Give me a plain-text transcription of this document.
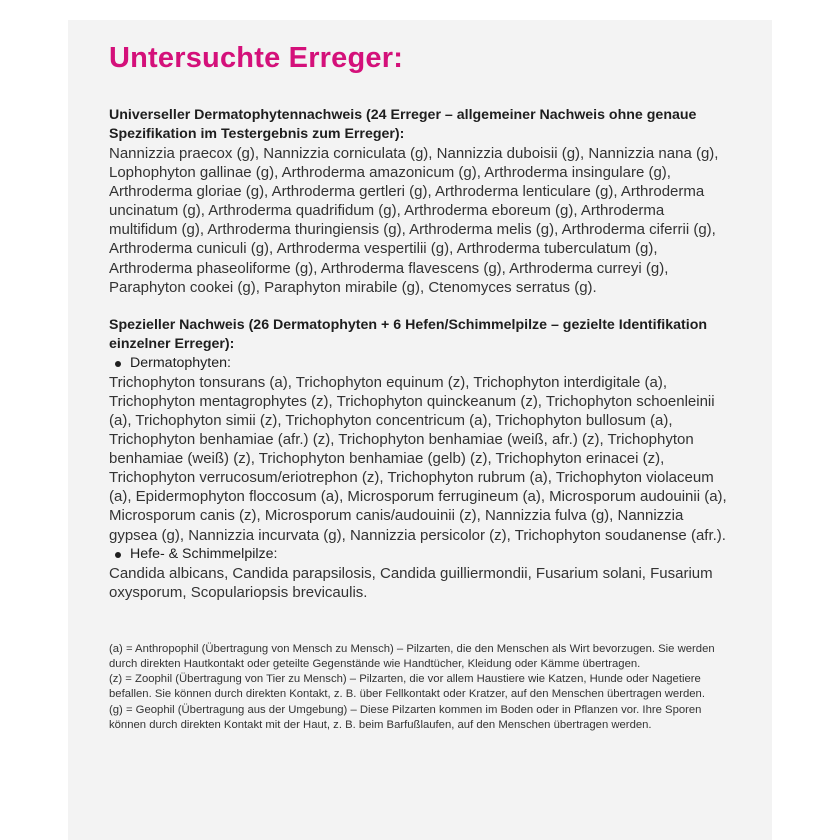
Untersuchte Erreger:
Universeller Dermatophytennachweis (24 Erreger – allgemeiner Nachweis ohne genaue Spezifikation im Testergebnis zum Erreger):

Nannizzia praecox (g), Nannizzia corniculata (g), Nannizzia duboisii (g), Nannizzia nana (g), Lophophyton gallinae (g), Arthroderma amazonicum (g), Arthroderma insingulare (g), Arthroderma gloriae (g), Arthroderma gertleri (g), Arthroderma lenticulare (g), Arthroderma uncinatum (g), Arthroderma quadrifidum (g), Arthroderma eboreum (g), Arthroderma multifidum (g), Arthroderma thuringiensis (g), Arthroderma melis (g), Arthroderma ciferrii (g), Arthroderma cuniculi (g), Arthroderma vespertilii (g), Arthroderma tuberculatum (g), Arthroderma phaseoliforme (g), Arthroderma flavescens (g), Arthroderma curreyi (g), Paraphyton cookei (g), Paraphyton mirabile (g), Ctenomyces serratus (g).

Spezieller Nachweis (26 Dermatophyten + 6 Hefen/Schimmelpilze – gezielte Identifikation einzelner Erreger):
Dermatophyten:

Trichophyton tonsurans (a), Trichophyton equinum (z), Trichophyton interdigitale (a), Trichophyton mentagrophytes (z), Trichophyton quinckeanum (z), Trichophyton schoenleinii (a), Trichophyton simii (z), Trichophyton concentricum (a), Trichophyton bullosum (a), Trichophyton benhamiae (afr.) (z), Trichophyton benhamiae (weiß, afr.) (z), Trichophyton benhamiae (weiß) (z), Trichophyton benhamiae (gelb) (z), Trichophyton erinacei (z), Trichophyton verrucosum/eriotrephon (z), Trichophyton rubrum (a), Trichophyton violaceum (a), Epidermophyton floccosum (a), Microsporum ferrugineum (a), Microsporum audouinii (a), Microsporum canis (z), Microsporum canis/audouinii (z), Nannizzia fulva (g), Nannizzia gypsea (g), Nannizzia incurvata (g), Nannizzia persicolor (z), Trichophyton soudanense (afr.).

Hefe- & Schimmelpilze:

Candida albicans, Candida parapsilosis, Candida guilliermondii, Fusarium solani, Fusarium oxysporum, Scopulariopsis brevicaulis.

(a) = Anthropophil (Übertragung von Mensch zu Mensch) – Pilzarten, die den Menschen als Wirt bevorzugen. Sie werden durch direkten Hautkontakt oder geteilte Gegenstände wie Handtücher, Kleidung oder Kämme übertragen.

(z) = Zoophil (Übertragung von Tier zu Mensch) – Pilzarten, die vor allem Haustiere wie Katzen, Hunde oder Nagetiere befallen. Sie können durch direkten Kontakt, z. B. über Fellkontakt oder Kratzer, auf den Menschen übertragen werden.

(g) = Geophil (Übertragung aus der Umgebung) – Diese Pilzarten kommen im Boden oder in Pflanzen vor. Ihre Sporen können durch direkten Kontakt mit der Haut, z. B. beim Barfußlaufen, auf den Menschen übertragen werden.
